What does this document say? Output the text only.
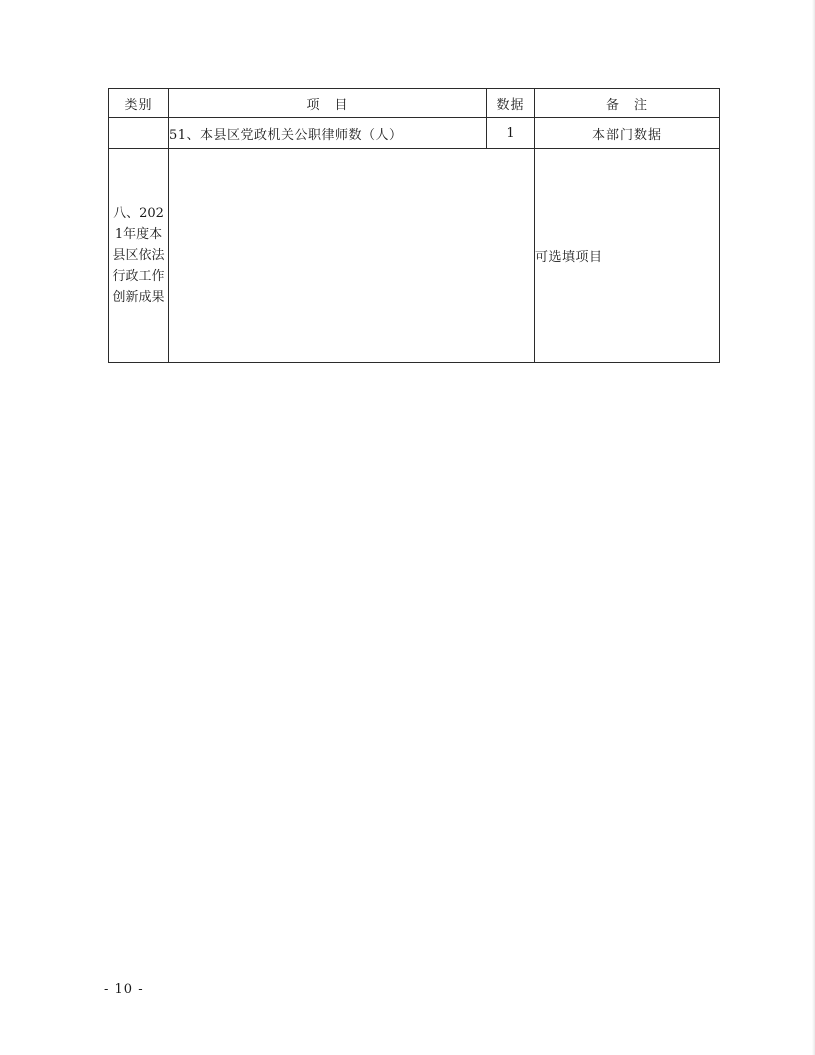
类别	项　目	数据	备　注
	51、本县区党政机关公职律师数（人）	1	本部门数据
八、2021年度本县区依法行政工作创新成果			可选填项目
- 10 -
